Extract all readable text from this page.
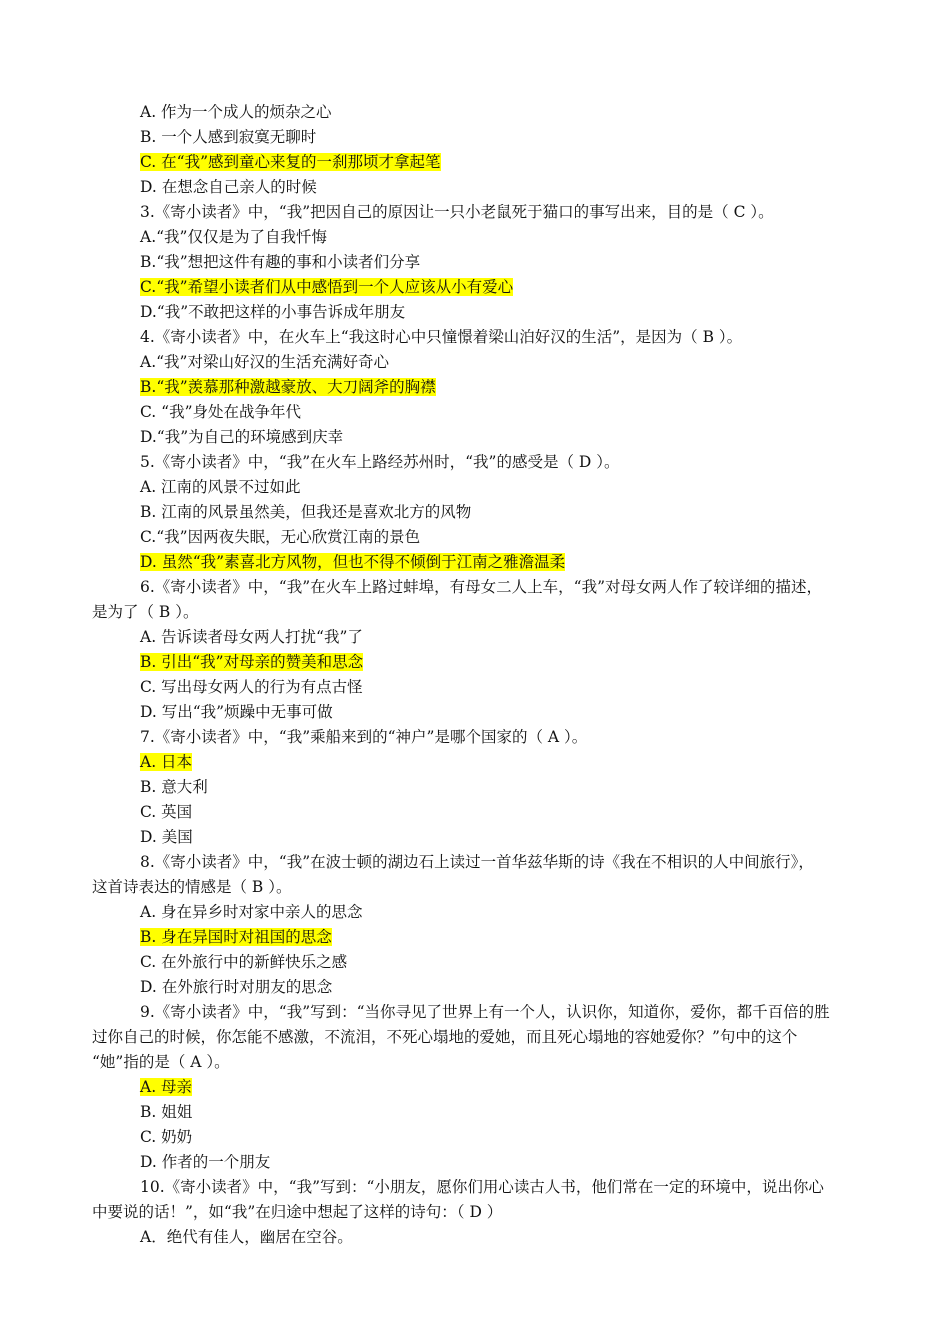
A. 作为一个成人的烦杂之心
B. 一个人感到寂寞无聊时
C. 在“我”感到童心来复的一刹那顷才拿起笔
D. 在想念自己亲人的时候
3.《寄小读者》中，“我”把因自己的原因让一只小老鼠死于猫口的事写出来，目的是（ C ）。
A.“我”仅仅是为了自我忏悔
B.“我”想把这件有趣的事和小读者们分享
C.“我”希望小读者们从中感悟到一个人应该从小有爱心
D.“我”不敢把这样的小事告诉成年朋友
4.《寄小读者》中，在火车上“我这时心中只憧憬着梁山泊好汉的生活”，是因为（ B ）。
A.“我”对梁山好汉的生活充满好奇心
B.“我”羡慕那种激越豪放、大刀阔斧的胸襟
C. “我”身处在战争年代
D.“我”为自己的环境感到庆幸
5.《寄小读者》中，“我”在火车上路经苏州时，“我”的感受是（ D ）。
A. 江南的风景不过如此
B. 江南的风景虽然美，但我还是喜欢北方的风物
C.“我”因两夜失眠，无心欣赏江南的景色
D. 虽然“我”素喜北方风物，但也不得不倾倒于江南之雅澹温柔
6.《寄小读者》中，“我”在火车上路过蚌埠，有母女二人上车，“我”对母女两人作了较详细的描述，
是为了（ B ）。
A. 告诉读者母女两人打扰“我”了
B. 引出“我”对母亲的赞美和思念
C. 写出母女两人的行为有点古怪
D. 写出“我”烦躁中无事可做
7.《寄小读者》中，“我”乘船来到的“神户”是哪个国家的（ A ）。
A. 日本
B. 意大利
C. 英国
D. 美国
8.《寄小读者》中，“我”在波士顿的湖边石上读过一首华兹华斯的诗《我在不相识的人中间旅行》，
这首诗表达的情感是（ B ）。
A. 身在异乡时对家中亲人的思念
B. 身在异国时对祖国的思念
C. 在外旅行中的新鲜快乐之感
D. 在外旅行时对朋友的思念
9.《寄小读者》中，“我”写到：“当你寻见了世界上有一个人，认识你，知道你，爱你，都千百倍的胜
过你自己的时候，你怎能不感激，不流泪，不死心塌地的爱她，而且死心塌地的容她爱你？”句中的这个
“她”指的是（ A ）。
A. 母亲
B. 姐姐
C. 奶奶
D. 作者的一个朋友
10.《寄小读者》中，“我”写到：“小朋友，愿你们用心读古人书，他们常在一定的环境中，说出你心
中要说的话！”，如“我”在归途中想起了这样的诗句：（ D ）
A．绝代有佳人，幽居在空谷。
